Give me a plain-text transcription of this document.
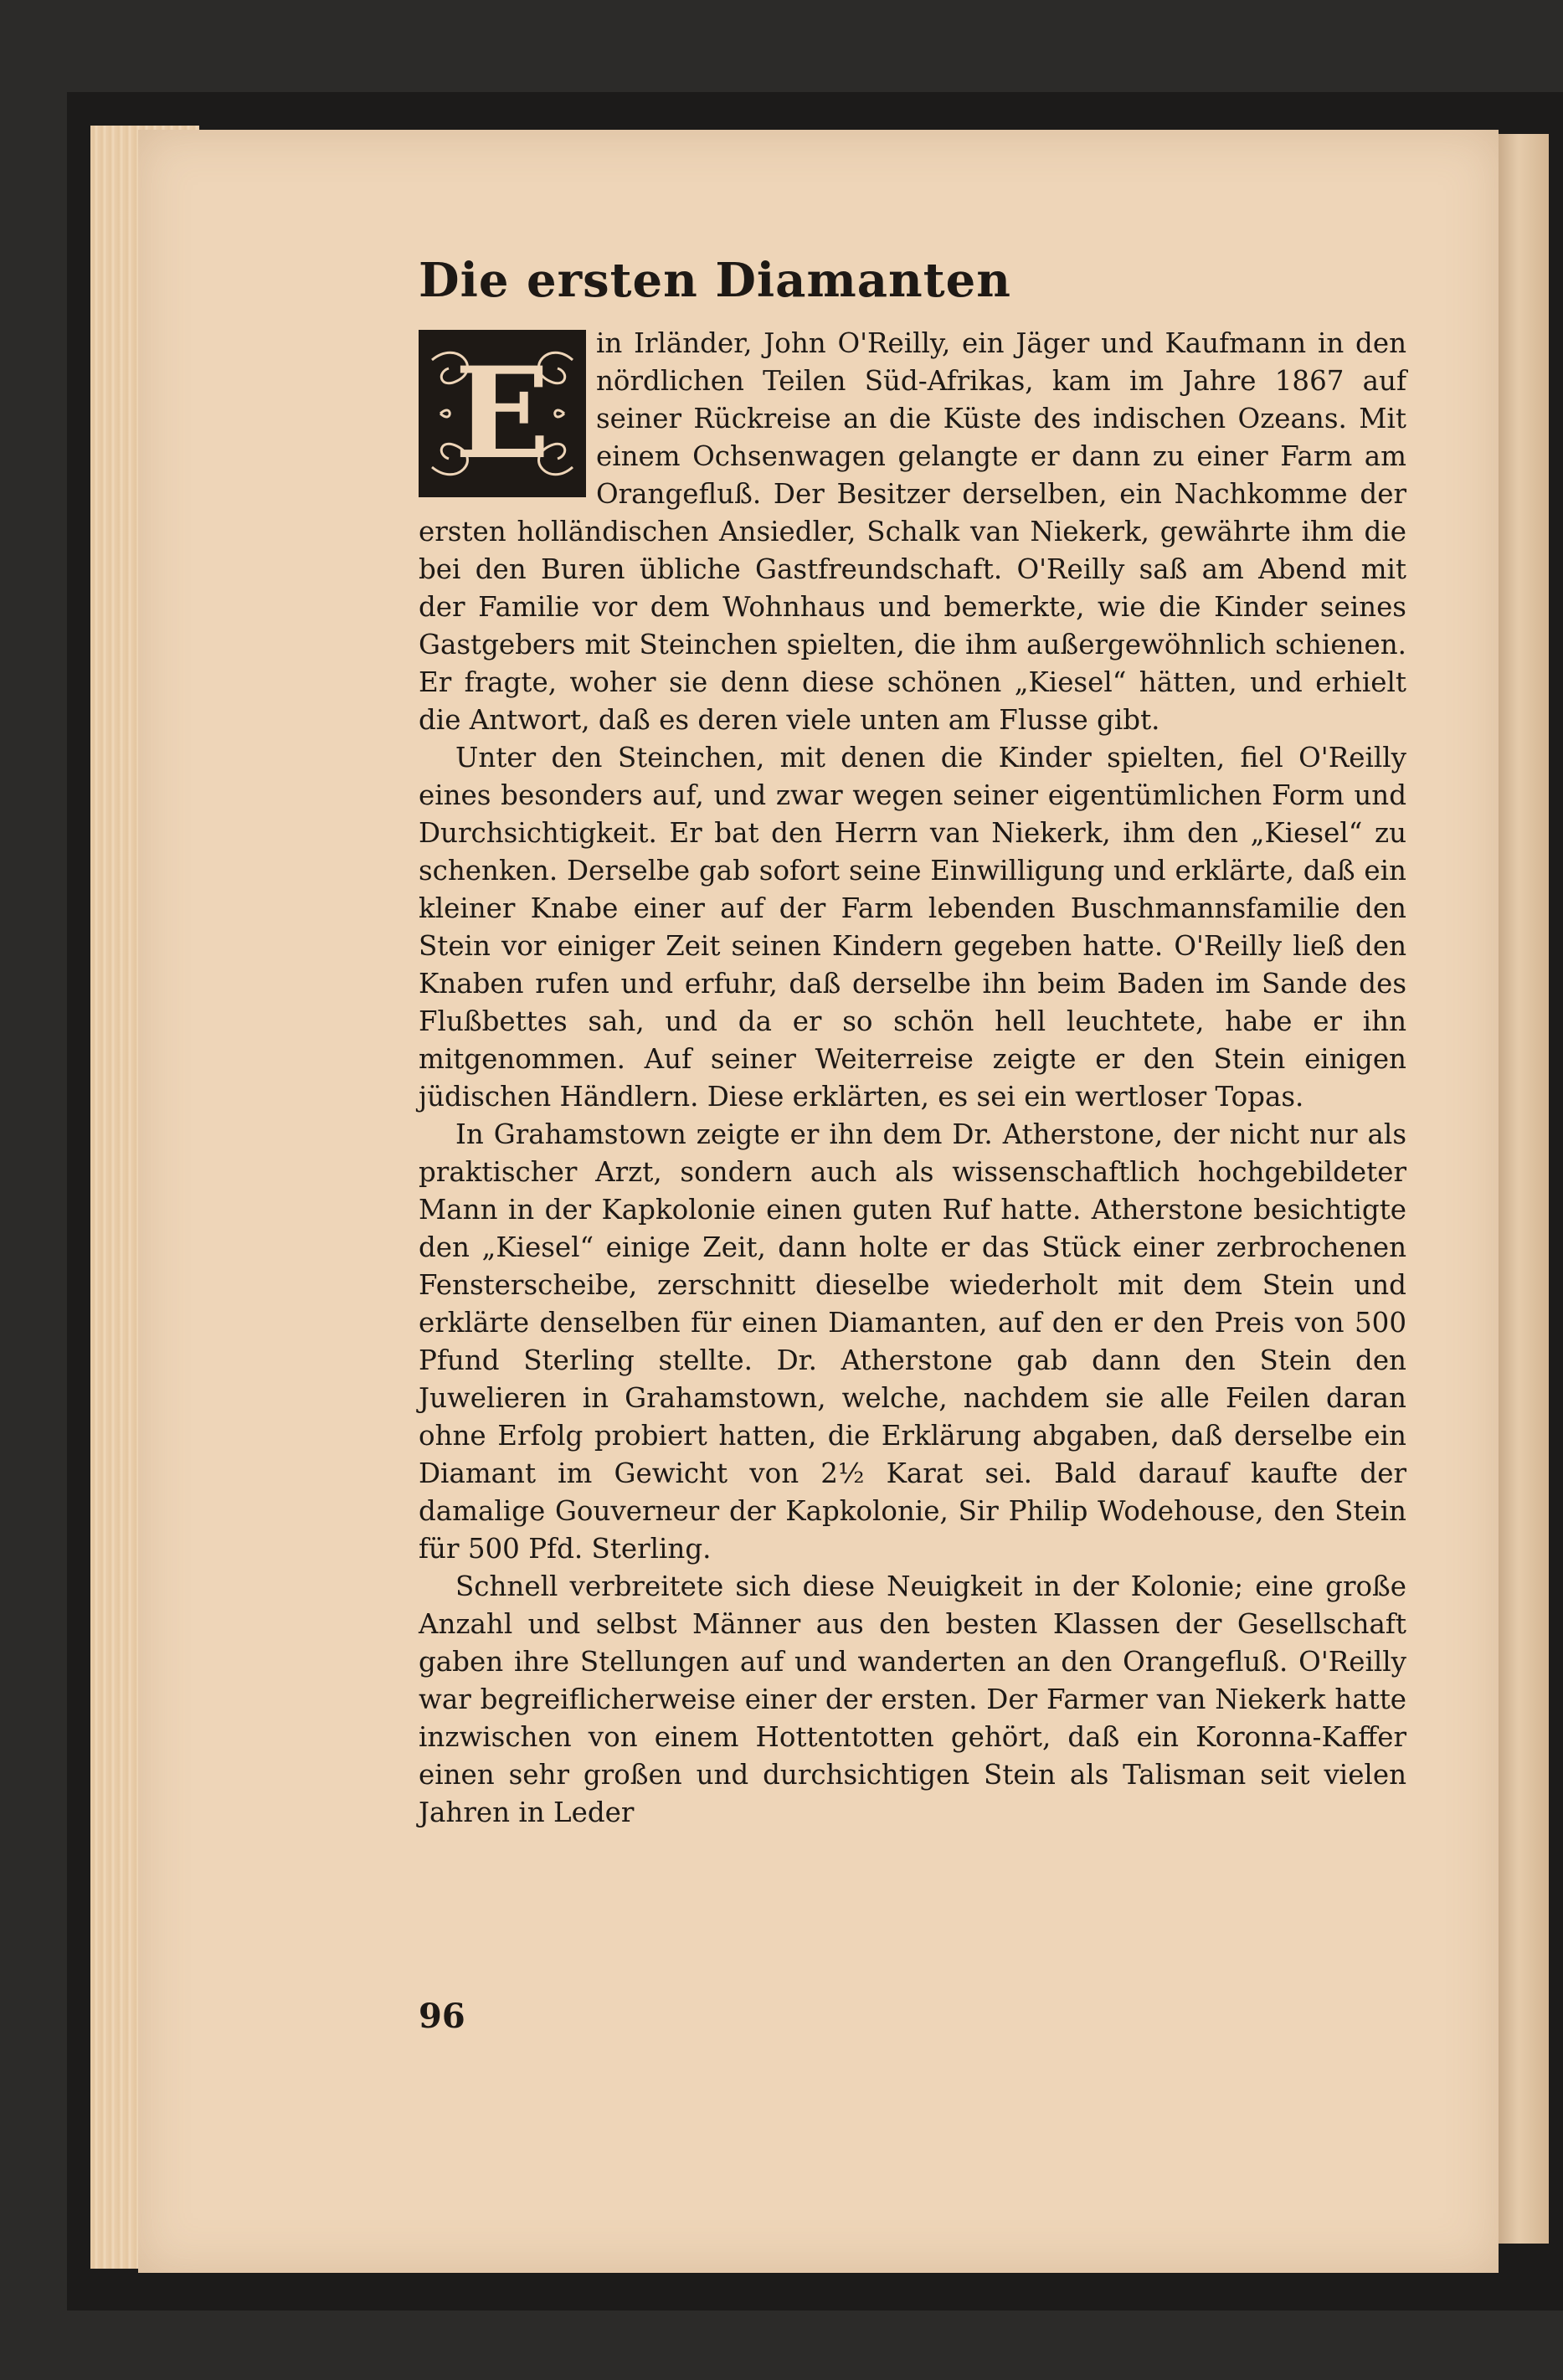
Die ersten Diamanten

E	in Irländer, John O'Reilly, ein Jäger und Kaufmann in den nördlichen Teilen Süd-Afrikas, kam im Jahre 1867 auf seiner Rückreise an die Küste des indischen Ozeans. Mit einem Ochsenwagen gelangte er dann zu einer Farm am Orangefluß. Der Besitzer derselben, ein Nachkomme der ersten holländischen Ansiedler, Schalk van Niekerk, gewährte ihm die bei den Buren übliche Gastfreundschaft. O'Reilly saß am Abend mit der Familie vor dem Wohnhaus und bemerkte, wie die Kinder seines Gastgebers mit Steinchen spielten, die ihm außergewöhnlich schienen. Er fragte, woher sie denn diese schönen „Kiesel“ hätten, und erhielt die Antwort, daß es deren viele unten am Flusse gibt.

Unter den Steinchen, mit denen die Kinder spielten, fiel O'Reilly eines besonders auf, und zwar wegen seiner eigentümlichen Form und Durchsichtigkeit. Er bat den Herrn van Niekerk, ihm den „Kiesel“ zu schenken. Derselbe gab sofort seine Einwilligung und erklärte, daß ein kleiner Knabe einer auf der Farm lebenden Buschmannsfamilie den Stein vor einiger Zeit seinen Kindern gegeben hatte. O'Reilly ließ den Knaben rufen und erfuhr, daß derselbe ihn beim Baden im Sande des Flußbettes sah, und da er so schön hell leuchtete, habe er ihn mitgenommen. Auf seiner Weiterreise zeigte er den Stein einigen jüdischen Händlern. Diese erklärten, es sei ein wertloser Topas.

In Grahamstown zeigte er ihn dem Dr. Atherstone, der nicht nur als praktischer Arzt, sondern auch als wissenschaftlich hochgebildeter Mann in der Kapkolonie einen guten Ruf hatte. Atherstone besichtigte den „Kiesel“ einige Zeit, dann holte er das Stück einer zerbrochenen Fensterscheibe, zerschnitt dieselbe wiederholt mit dem Stein und erklärte denselben für einen Diamanten, auf den er den Preis von 500 Pfund Sterling stellte. Dr. Atherstone gab dann den Stein den Juwelieren in Grahamstown, welche, nachdem sie alle Feilen daran ohne Erfolg probiert hatten, die Erklärung abgaben, daß derselbe ein Diamant im Gewicht von 2½ Karat sei. Bald darauf kaufte der damalige Gouverneur der Kapkolonie, Sir Philip Wodehouse, den Stein für 500 Pfd. Sterling.

Schnell verbreitete sich diese Neuigkeit in der Kolonie; eine große Anzahl und selbst Männer aus den besten Klassen der Gesellschaft gaben ihre Stellungen auf und wanderten an den Orangefluß. O'Reilly war begreiflicherweise einer der ersten. Der Farmer van Niekerk hatte inzwischen von einem Hottentotten gehört, daß ein Koronna-Kaffer einen sehr großen und durchsichtigen Stein als Talisman seit vielen Jahren in Leder

96
